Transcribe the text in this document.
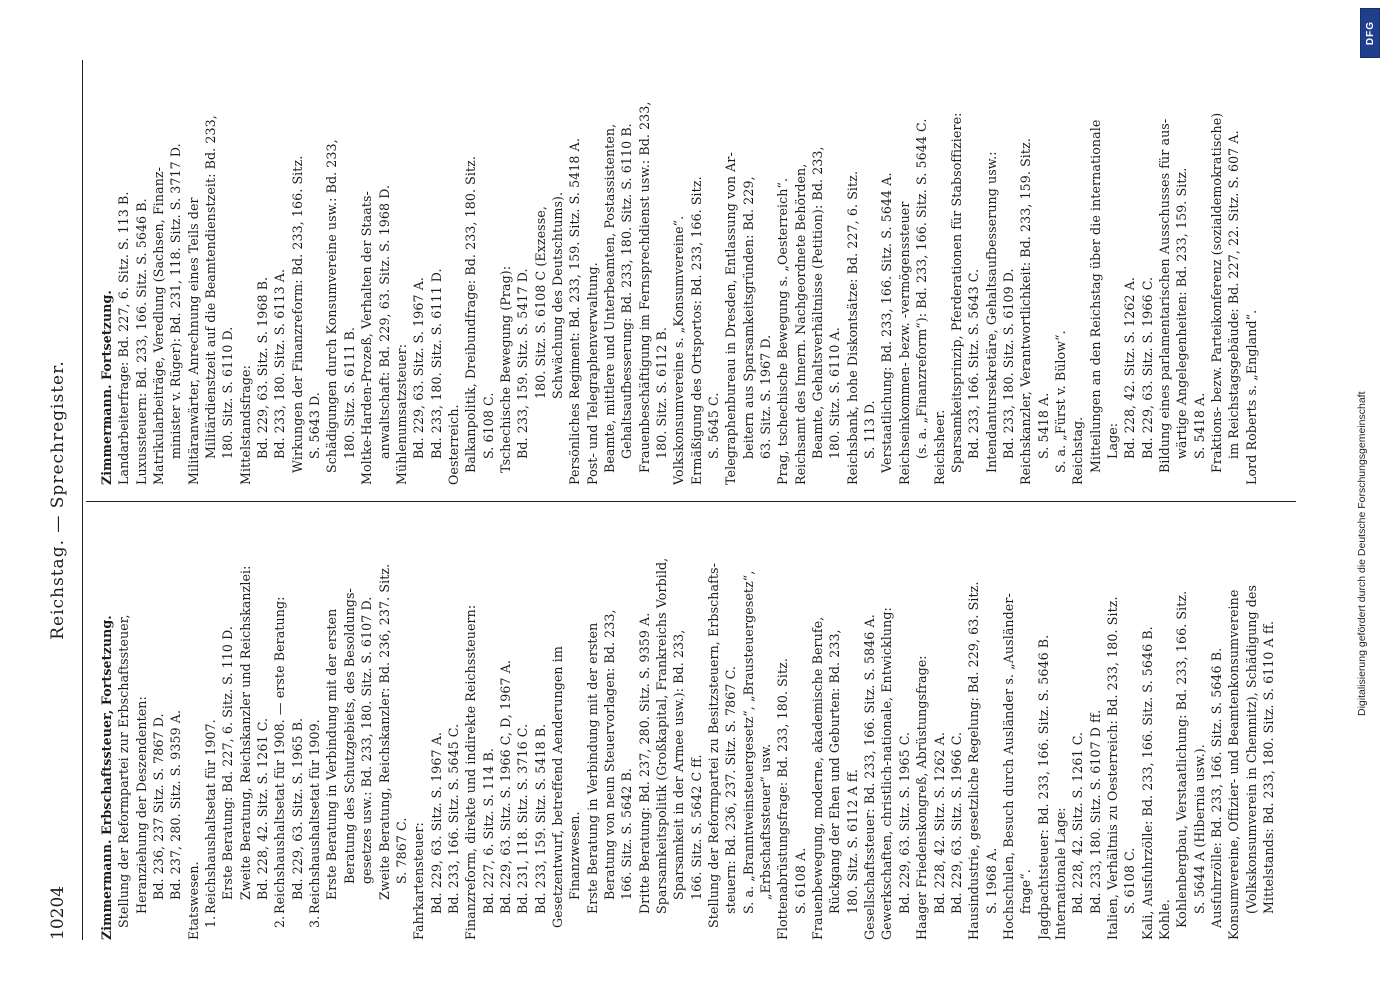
10204
Reichstag. — Sprechregister.
Zimmermann. Erbschaftssteuer, Fortsetzung. Stellung der Reformpartei zur Erbschaftssteuer, Heranziehung der Deszendenten: Bd. 236, 237 Sitz. S. 7867 D. Bd. 237, 280. Sitz. S. 9359 A.
Etatswesen. 1.Reichshaushaltsetat für 1907. Erste Beratung: Bd. 227, 6. Sitz. S. 110 D. Zweite Beratung, Reichskanzler und Reichskanzlei: Bd. 228, 42. Sitz. S. 1261 C.
2.Reichshaushaltsetat für 1908. — erste Beratung: Bd. 229, 63. Sitz. S. 1965 B.
3.Reichshaushaltsetat für 1909. Erste Beratung in Verbindung mit der ersten Beratung des Schutzgebiets, des Besoldungs- gesetzes usw.: Bd. 233, 180. Sitz. S. 6107 D. Zweite Beratung, Reichskanzler: Bd. 236, 237. Sitz. S. 7867 C. Fahrkartensteuer: Bd. 229, 63. Sitz. S. 1967 A. Bd. 233, 166. Sitz. S. 5645 C. Finanzreform, direkte und indirekte Reichssteuern: Bd. 227, 6. Sitz. S. 114 B. Bd. 229, 63. Sitz. S. 1966 C, D, 1967 A. Bd. 231, 118. Sitz. S. 3716 C. Bd. 233, 159. Sitz. S. 5418 B. Gesetzentwurf, betreffend Aenderungen im Finanzwesen. Erste Beratung in Verbindung mit der ersten Beratung von neun Steuervorlagen: Bd. 233, 166. Sitz. S. 5642 B. Dritte Beratung: Bd. 237, 280. Sitz. S. 9359 A. Sparsamkeitspolitik (Großkapital, Frankreichs Vorbild, Sparsamkeit in der Armee usw.): Bd. 233, 166. Sitz. S. 5642 C ff. Stellung der Reformpartei zu Besitzsteuern, Erbschafts- steuern: Bd. 236, 237. Sitz. S. 7867 C. S. a. „Branntweinsteuergesetz“, „Brausteuergesetz“, „Erbschaftssteuer“ usw. Flottenabrüstungsfrage: Bd. 233, 180. Sitz. S. 6108 A. Frauenbewegung, moderne, akademische Berufe, Rückgang der Ehen und Geburten: Bd. 233, 180. Sitz. S. 6112 A ff. Gesellschaftssteuer: Bd. 233, 166. Sitz. S. 5846 A. Gewerkschaften, christlich-nationale, Entwicklung: Bd. 229, 63. Sitz. S. 1965 C. Haager Friedenskongreß, Abrüstungsfrage: Bd. 228, 42. Sitz. S. 1262 A. Bd. 229, 63. Sitz. S. 1966 C. Hausindustrie, gesetzliche Regelung: Bd. 229, 63. Sitz. S. 1968 A. Hochschulen, Besuch durch Ausländer s. „Ausländer- frage“. Jagdpachtsteuer: Bd. 233, 166. Sitz. S. 5646 B. Internationale Lage: Bd. 228, 42. Sitz. S. 1261 C. Bd. 233, 180. Sitz. S. 6107 D ff. Italien, Verhältnis zu Oesterreich: Bd. 233, 180. Sitz. S. 6108 C. Kali, Ausfuhrzölle: Bd. 233, 166. Sitz. S. 5646 B. Kohle. Kohlenbergbau, Verstaatlichung: Bd. 233, 166. Sitz. S. 5644 A (Hibernia usw.). Ausfuhrzölle: Bd. 233, 166. Sitz. S. 5646 B. Konsumvereine, Offizier- und Beamtenkonsumvereine (Volkskonsumverein in Chemnitz), Schädigung des Mittelstands: Bd. 233, 180. Sitz. S. 6110 A ff.
Zimmermann. Fortsetzung. Landarbeiterfrage: Bd. 227, 6. Sitz. S. 113 B. Luxussteuern: Bd. 233, 166. Sitz. S. 5646 B. Matrikularbeiträge, Veredlung (Sachsen, Finanz- minister v. Rüger): Bd. 231, 118. Sitz. S. 3717 D. Militäranwärter, Anrechnung eines Teils der Militärdienstzeit auf die Beamtendienstzeit: Bd. 233, 180. Sitz. S. 6110 D. Mittelstandsfrage: Bd. 229, 63. Sitz. S. 1968 B. Bd. 233, 180. Sitz. S. 6113 A. Wirkungen der Finanzreform: Bd. 233, 166. Sitz. S. 5643 D. Schädigungen durch Konsumvereine usw.: Bd. 233, 180. Sitz. S. 6111 B. Moltke-Harden-Prozeß, Verhalten der Staats- anwaltschaft: Bd. 229, 63. Sitz. S. 1968 D. Mühlenumsatzsteuer: Bd. 229, 63. Sitz. S. 1967 A. Bd. 233, 180. Sitz. S. 6111 D. Oesterreich. Balkanpolitik, Dreibundfrage: Bd. 233, 180. Sitz. S. 6108 C. Tschechische Bewegung (Prag): Bd. 233, 159. Sitz. S. 5417 D. 180. Sitz. S. 6108 C (Exzesse, Schwächung des Deutschtums). Persönliches Regiment: Bd. 233, 159. Sitz. S. 5418 A. Post- und Telegraphenverwaltung. Beamte, mittlere und Unterbeamten, Postassistenten, Gehaltsaufbesserung: Bd. 233, 180. Sitz. S. 6110 B. Frauenbeschäftigung im Fernsprechdienst usw.: Bd. 233, 180. Sitz. S. 6112 B. Volkskonsumvereine s. „Konsumvereine“. Ermäßigung des Ortsportos: Bd. 233, 166. Sitz. S. 5645 C. Telegraphenbureau in Dresden, Entlassung von Ar- beitern aus Sparsamkeitsgründen: Bd. 229, 63. Sitz. S. 1967 D. Prag, tschechische Bewegung s. „Oesterreich“. Reichsamt des Innern. Nachgeordnete Behörden, Beamte, Gehaltsverhältnisse (Petition): Bd. 233, 180. Sitz. S. 6110 A. Reichsbank, hohe Diskontsätze: Bd. 227, 6. Sitz. S. 113 D. Verstaatlichung: Bd. 233, 166. Sitz. S. 5644 A. Reichseinkommen- bezw. -vermögenssteuer (s. a. „Finanzreform“): Bd. 233, 166. Sitz. S. 5644 C. Reichsheer. Sparsamkeitsprinzip, Pferderationen für Stabsoffiziere: Bd. 233, 166. Sitz. S. 5643 C. Intendantursekretäre, Gehaltsaufbesserung usw.: Bd. 233, 180. Sitz. S. 6109 D. Reichskanzler, Verantwortlichkeit: Bd. 233, 159. Sitz. S. 5418 A. S. a. „Fürst v. Bülow“. Reichstag. Mitteilungen an den Reichstag über die internationale Lage: Bd. 228, 42. Sitz. S. 1262 A. Bd. 229, 63. Sitz. S. 1966 C. Bildung eines parlamentarischen Ausschusses für aus- wärtige Angelegenheiten: Bd. 233, 159. Sitz. S. 5418 A. Fraktions- bezw. Parteikonferenz (sozialdemokratische) im Reichstagsgebäude: Bd. 227, 22. Sitz. S. 607 A. Lord Roberts s. „England“.
DFG
Digitalisierung gefördert durch die Deutsche Forschungsgemeinschaft
